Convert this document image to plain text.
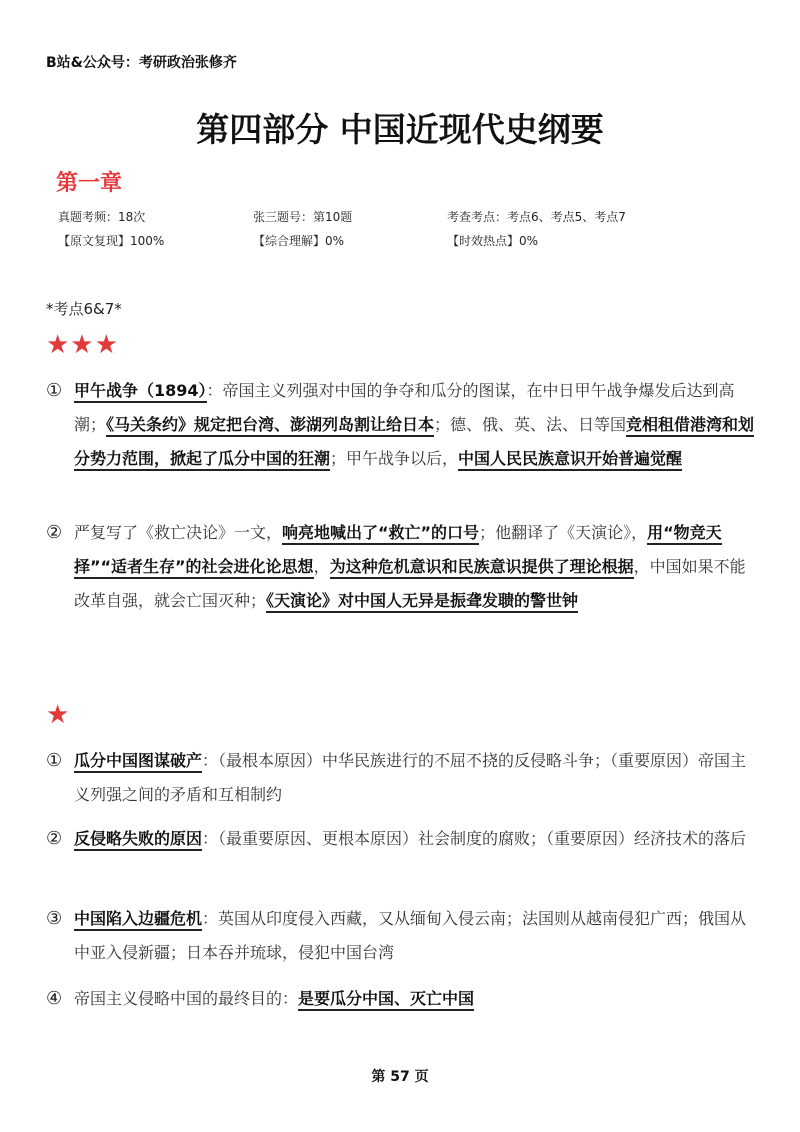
B站&公众号：考研政治张修齐
第四部分 中国近现代史纲要
第一章
真题考频：18次	张三题号：第10题	考查考点：考点6、考点5、考点7
【原文复现】100%	【综合理解】0%	【时效热点】0%
*考点6&7*
★★★
① 甲午战争（1894）：帝国主义列强对中国的争夺和瓜分的图谋，在中日甲午战争爆发后达到高潮；《马关条约》规定把台湾、澎湖列岛割让给日本；德、俄、英、法、日等国竞相租借港湾和划分势力范围，掀起了瓜分中国的狂潮；甲午战争以后，中国人民民族意识开始普遍觉醒
② 严复写了《救亡决论》一文，响亮地喊出了“救亡”的口号；他翻译了《天演论》，用“物竞天择”“适者生存”的社会进化论思想，为这种危机意识和民族意识提供了理论根据，中国如果不能改革自强，就会亡国灭种；《天演论》对中国人无异是振聋发聩的警世钟
★
① 瓜分中国图谋破产：（最根本原因）中华民族进行的不屈不挠的反侵略斗争；（重要原因）帝国主义列强之间的矛盾和互相制约
② 反侵略失败的原因：（最重要原因、更根本原因）社会制度的腐败；（重要原因）经济技术的落后
③ 中国陷入边疆危机：英国从印度侵入西藏，又从缅甸入侵云南；法国则从越南侵犯广西；俄国从中亚入侵新疆；日本吞并琉球，侵犯中国台湾
④ 帝国主义侵略中国的最终目的：是要瓜分中国、灭亡中国
第 57 页
